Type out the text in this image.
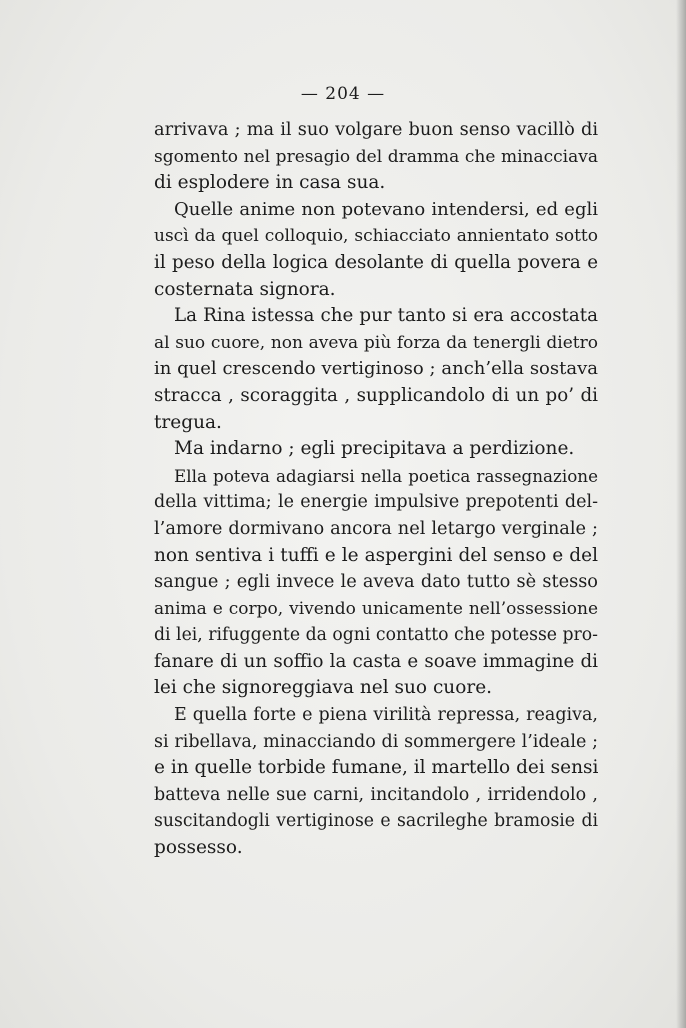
— 204 —
arrivava ; ma il suo volgare buon senso vacillò di
sgomento nel presagio del dramma che minacciava
di esplodere in casa sua.
Quelle anime non potevano intendersi, ed egli
uscì da quel colloquio, schiacciato annientato sotto
il peso della logica desolante di quella povera e
costernata signora.
La Rina istessa che pur tanto si era accostata
al suo cuore, non aveva più forza da tenergli dietro
in quel crescendo vertiginoso ; anch’ella sostava
stracca , scoraggita , supplicandolo di un po’ di
tregua.
Ma indarno ; egli precipitava a perdizione.
Ella poteva adagiarsi nella poetica rassegnazione
della vittima; le energie impulsive prepotenti del-
l’amore dormivano ancora nel letargo verginale ;
non sentiva i tuffi e le aspergini del senso e del
sangue ; egli invece le aveva dato tutto sè stesso
anima e corpo, vivendo unicamente nell’ossessione
di lei, rifuggente da ogni contatto che potesse pro-
fanare di un soffio la casta e soave immagine di
lei che signoreggiava nel suo cuore.
E quella forte e piena virilità repressa, reagiva,
si ribellava, minacciando di sommergere l’ideale ;
e in quelle torbide fumane, il martello dei sensi
batteva nelle sue carni, incitandolo , irridendolo ,
suscitandogli vertiginose e sacrileghe bramosie di
possesso.
